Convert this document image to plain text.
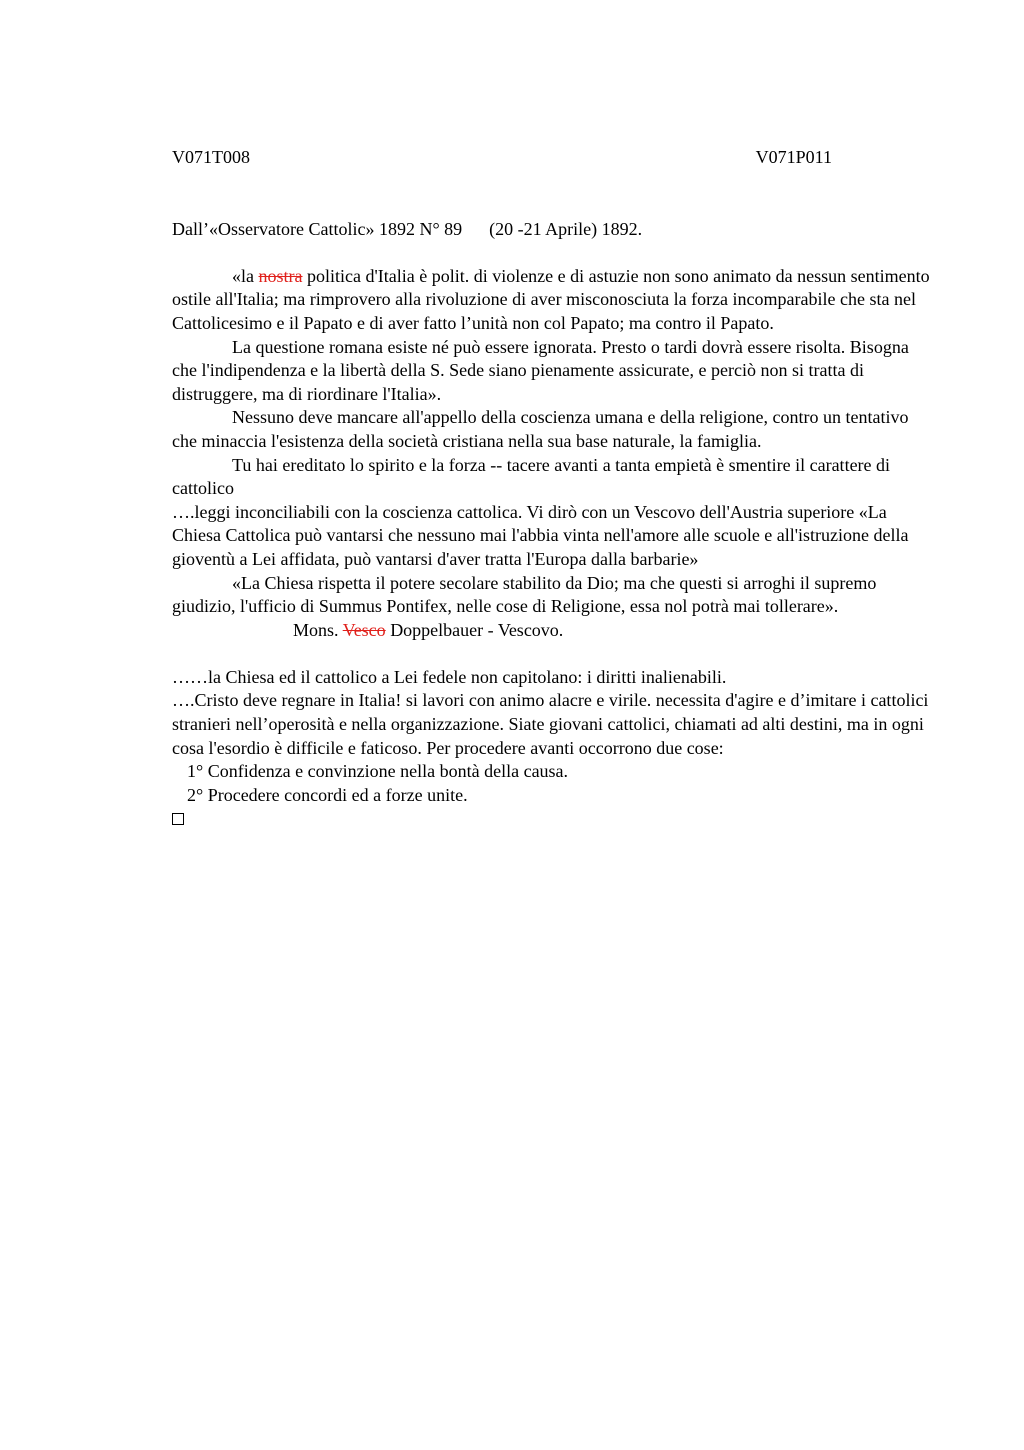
V071T008	V071P011
Dall’«Osservatore Cattolic» 1892 N° 89 (20 -21 Aprile) 1892.

«la nostra politica d'Italia è polit. di violenze e di astuzie non sono animato da nessun sentimento ostile all'Italia; ma rimprovero alla rivoluzione di aver misconosciuta la forza incomparabile che sta nel Cattolicesimo e il Papato e di aver fatto l’unità non col Papato; ma contro il Papato.

La questione romana esiste né può essere ignorata. Presto o tardi dovrà essere risolta. Bisogna che l'indipendenza e la libertà della S. Sede siano pienamente assicurate, e perciò non si tratta di distruggere, ma di riordinare l'Italia».

Nessuno deve mancare all'appello della coscienza umana e della religione, contro un tentativo che minaccia l'esistenza della società cristiana nella sua base naturale, la famiglia.

Tu hai ereditato lo spirito e la forza -- tacere avanti a tanta empietà è smentire il carattere di cattolico

….leggi inconciliabili con la coscienza cattolica. Vi dirò con un Vescovo dell'Austria superiore «La Chiesa Cattolica può vantarsi che nessuno mai l'abbia vinta nell'amore alle scuole e all'istruzione della gioventù a Lei affidata, può vantarsi d'aver tratta l'Europa dalla barbarie»

«La Chiesa rispetta il potere secolare stabilito da Dio; ma che questi si arroghi il supremo giudizio, l'ufficio di Summus Pontifex, nelle cose di Religione, essa nol potrà mai tollerare».

Mons. Vesco Doppelbauer - Vescovo.

……la Chiesa ed il cattolico a Lei fedele non capitolano: i diritti inalienabili.

….Cristo deve regnare in Italia! si lavori con animo alacre e virile. necessita d'agire e d’imitare i cattolici stranieri nell’operosità e nella organizzazione. Siate giovani cattolici, chiamati ad alti destini, ma in ogni cosa l'esordio è difficile e faticoso. Per procedere avanti occorrono due cose:

1° Confidenza e convinzione nella bontà della causa.

2° Procedere concordi ed a forze unite.
